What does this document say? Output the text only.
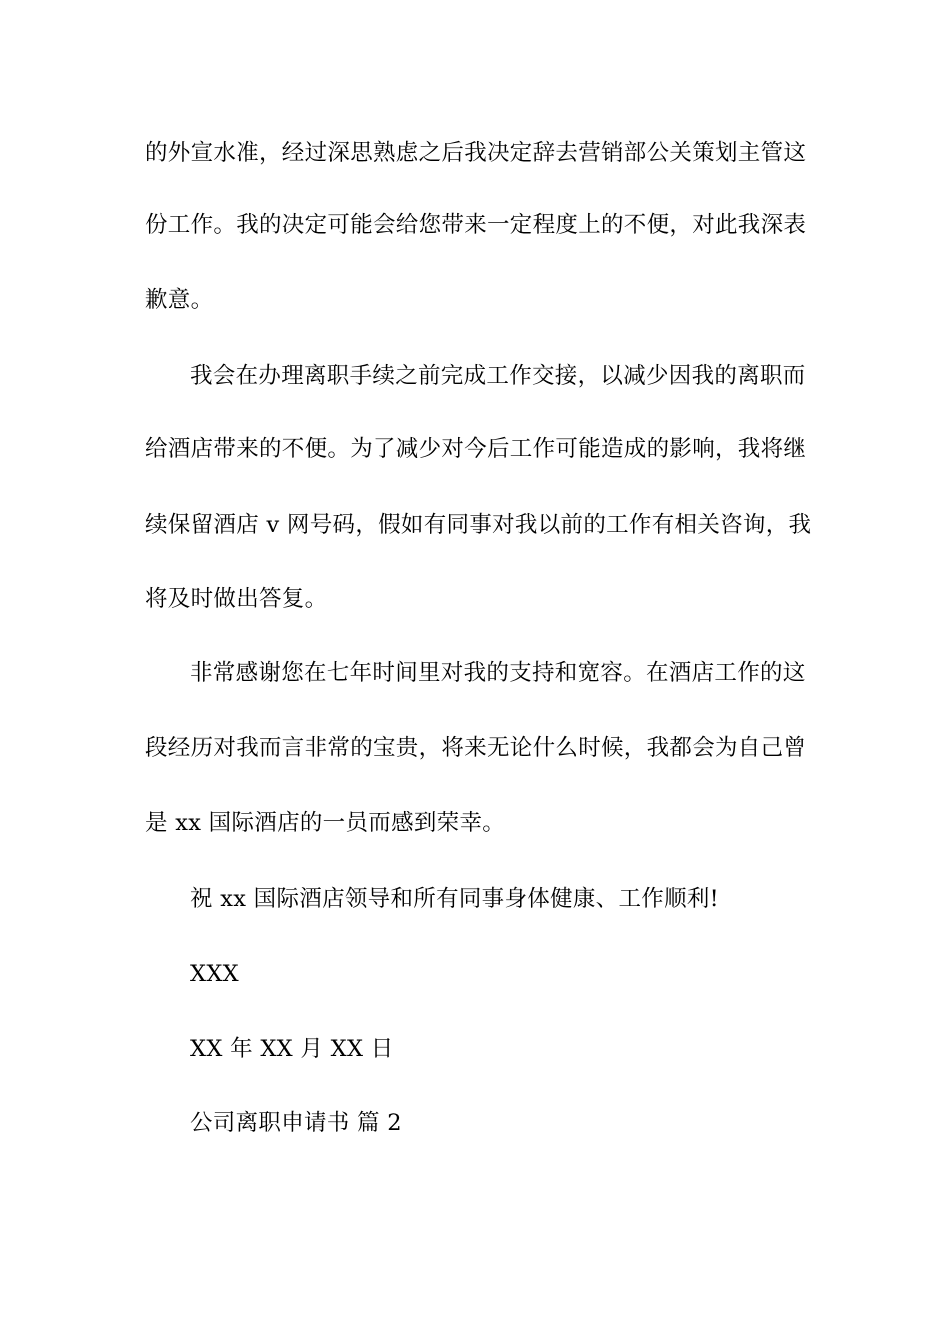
的外宣水准，经过深思熟虑之后我决定辞去营销部公关策划主管这
份工作。我的决定可能会给您带来一定程度上的不便，对此我深表
歉意。
我会在办理离职手续之前完成工作交接，以减少因我的离职而
给酒店带来的不便。为了减少对今后工作可能造成的影响，我将继
续保留酒店 v 网号码，假如有同事对我以前的工作有相关咨询，我
将及时做出答复。
非常感谢您在七年时间里对我的支持和宽容。在酒店工作的这
段经历对我而言非常的宝贵，将来无论什么时候，我都会为自己曾
是 xx 国际酒店的一员而感到荣幸。
祝 xx 国际酒店领导和所有同事身体健康、工作顺利!
XXX
XX 年 XX 月 XX 日
公司离职申请书 篇 2
